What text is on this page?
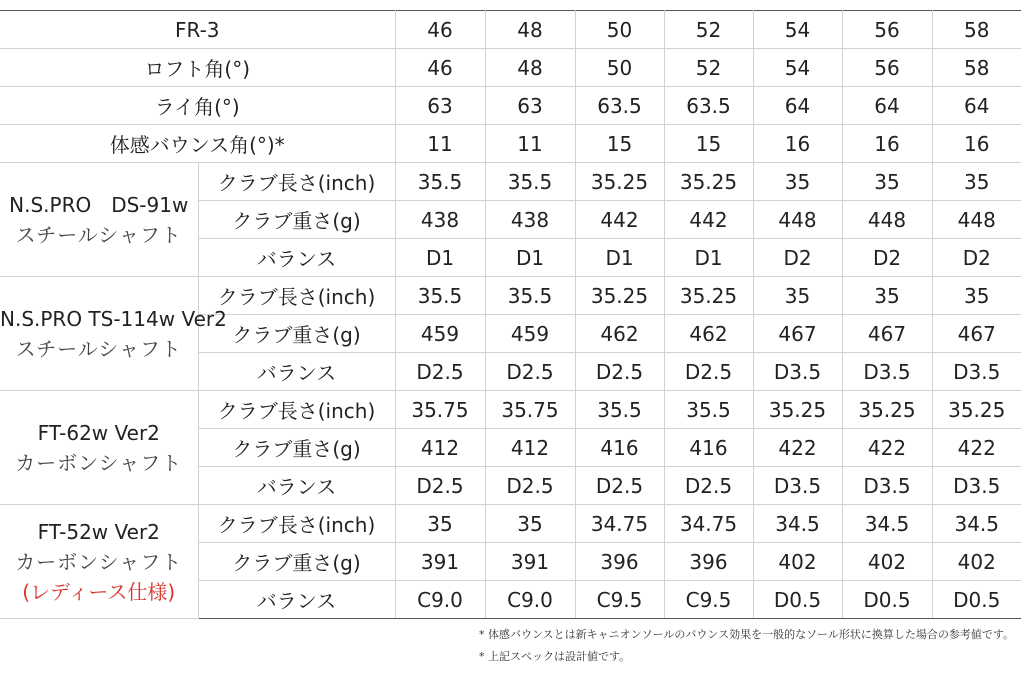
FR-3		46	48	50	52	54	56	58
ロフト角(°)		46	48	50	52	54	56	58
ライ角(°)		63	63	63.5	63.5	64	64	64
体感バウンス角(°)*		11	11	15	15	16	16	16

N.S.PRO　DS-91w
スチールシャフト	クラブ長さ(inch)	35.5	35.5	35.25	35.25	35	35	35
	クラブ重さ(g)	438	438	442	442	448	448	448
	バランス	D1	D1	D1	D1	D2	D2	D2

N.S.PRO TS-114w Ver2
スチールシャフト	クラブ長さ(inch)	35.5	35.5	35.25	35.25	35	35	35
	クラブ重さ(g)	459	459	462	462	467	467	467
	バランス	D2.5	D2.5	D2.5	D2.5	D3.5	D3.5	D3.5

FT-62w Ver2
カーボンシャフト	クラブ長さ(inch)	35.75	35.75	35.5	35.5	35.25	35.25	35.25
	クラブ重さ(g)	412	412	416	416	422	422	422
	バランス	D2.5	D2.5	D2.5	D2.5	D3.5	D3.5	D3.5

FT-52w Ver2
カーボンシャフト
(レディース仕様)	クラブ長さ(inch)	35	35	34.75	34.75	34.5	34.5	34.5
	クラブ重さ(g)	391	391	396	396	402	402	402
	バランス	C9.0	C9.0	C9.5	C9.5	D0.5	D0.5	D0.5
* 体感バウンスとは新キャニオンソールのバウンス効果を一般的なソール形状に換算した場合の参考値です。
* 上記スペックは設計値です。
